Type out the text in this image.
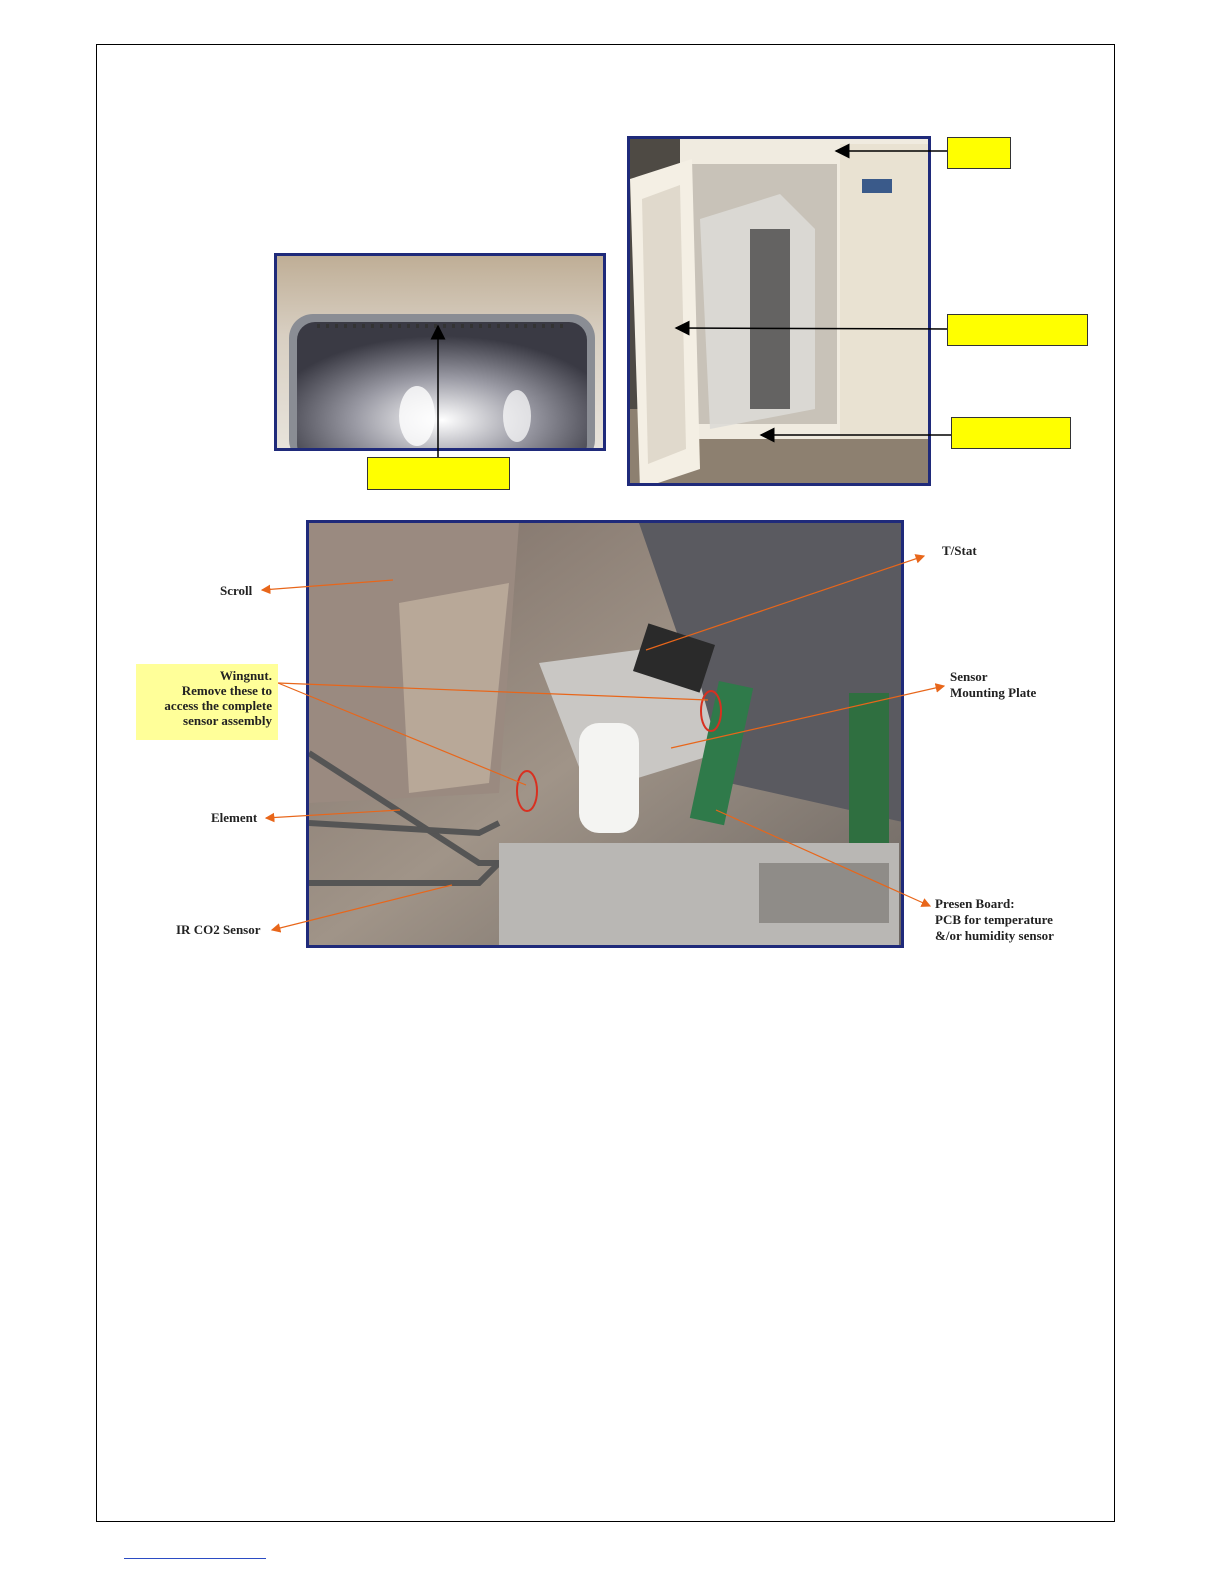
T/Stat
Scroll
Sensor
Mounting Plate
Wingnut.
Remove these to
access the complete
sensor assembly
Element
IR CO2 Sensor
Presen Board:
PCB for temperature
&/or humidity sensor
